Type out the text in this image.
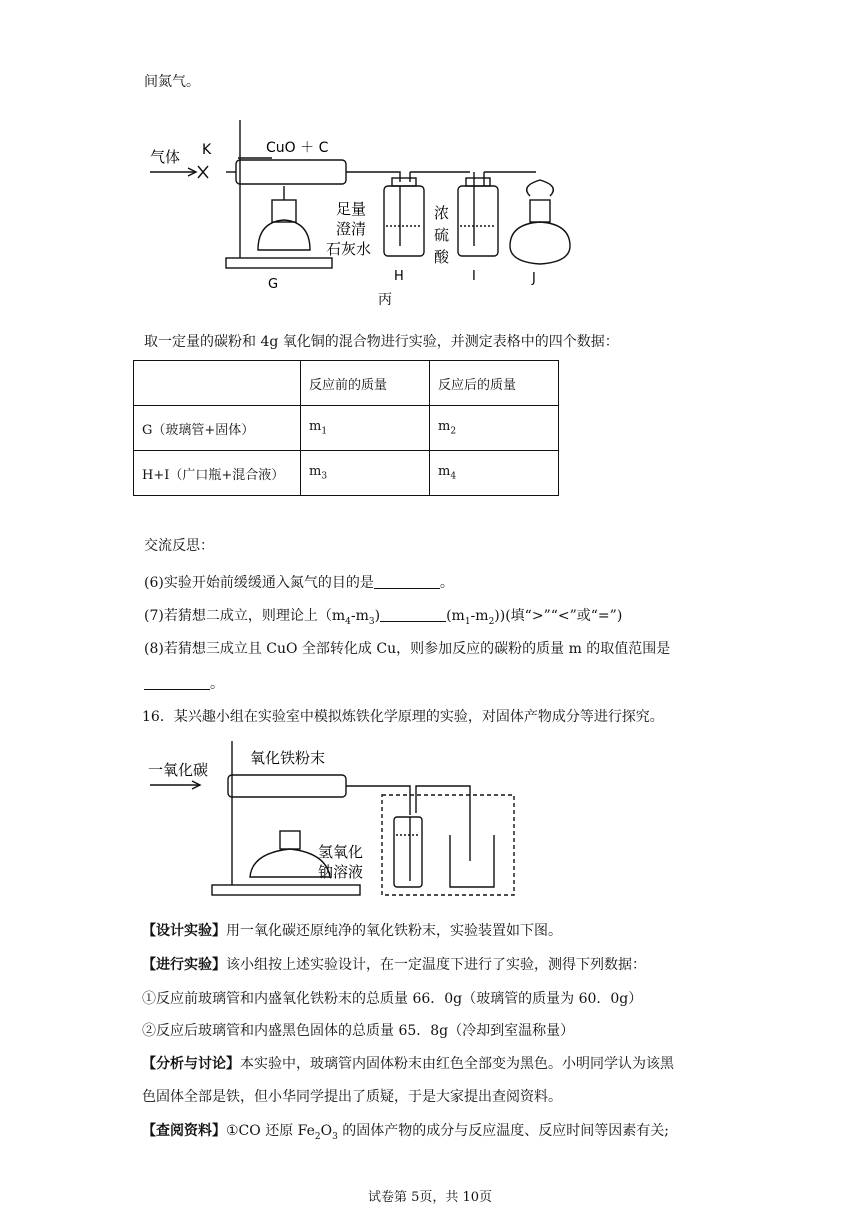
间氮气。
气体 K	CuO ＋ C
G
H	I	J
足量
澄清
石灰水
浓
硫
酸
丙
取一定量的碳粉和 4g 氧化铜的混合物进行实验，并测定表格中的四个数据：
	反应前的质量	反应后的质量
G（玻璃管+固体）	$m_1$	$m_2$
H+I（广口瓶+混合液）	$m_3$	$m_4$
交流反思：
(6)实验开始前缓缓通入氮气的目的是	。
(7)若猜想二成立，则理论上$(m_4-m_3)$	$(m_1-m_2)$)(填“>”“<”或“=”)
(8)若猜想三成立且 CuO 全部转化成 Cu，则参加反应的碳粉的质量 m 的取值范围是
。
16．某兴趣小组在实验室中模拟炼铁化学原理的实验，对固体产物成分等进行探究。
一氧化碳
氧化铁粉末
氢氧化
钠溶液
【设计实验】用一氧化碳还原纯净的氧化铁粉末，实验装置如下图。
【进行实验】该小组按上述实验设计，在一定温度下进行了实验，测得下列数据：
①反应前玻璃管和内盛氧化铁粉末的总质量 66．0g（玻璃管的质量为 60．0g）
②反应后玻璃管和内盛黑色固体的总质量 65．8g（冷却到室温称量）
【分析与讨论】本实验中，玻璃管内固体粉末由红色全部变为黑色。小明同学认为该黑
色固体全部是铁，但小华同学提出了质疑，于是大家提出查阅资料。
【查阅资料】①CO 还原 $Fe_2O_3$ 的固体产物的成分与反应温度、反应时间等因素有关;
试卷第 5页，共 10页
